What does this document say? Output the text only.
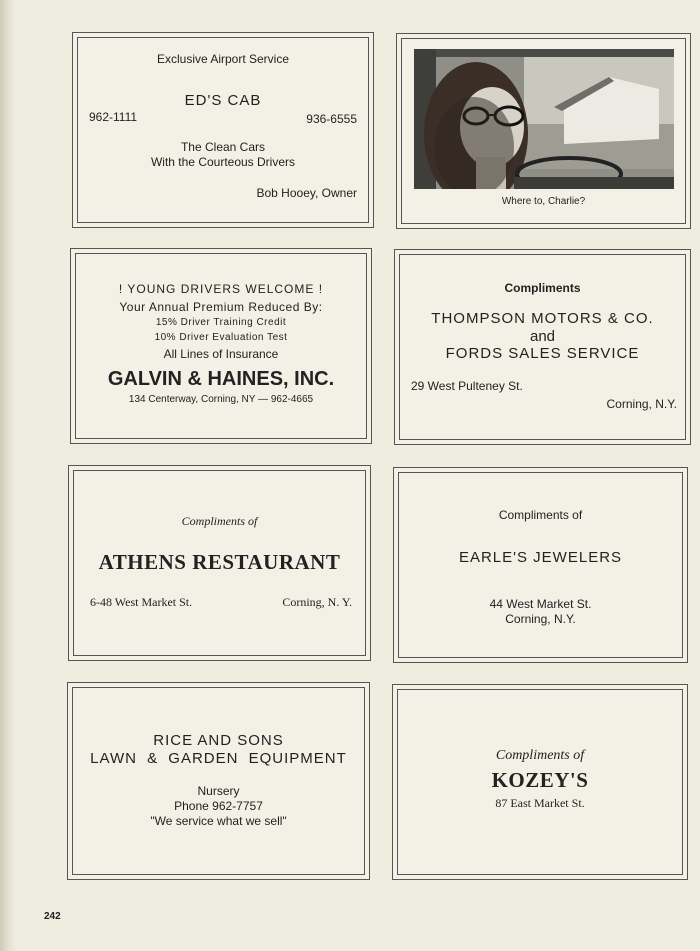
Exclusive Airport Service

ED'S CAB

962-1111	936-6555

The Clean Cars

With the Courteous Drivers

Bob Hooey, Owner

Where to, Charlie?

! YOUNG DRIVERS WELCOME !

Your Annual Premium Reduced By:

15% Driver Training Credit

10% Driver Evaluation Test

All Lines of Insurance

GALVIN & HAINES, INC.

134 Centerway, Corning, NY — 962-4665

Compliments

THOMPSON MOTORS & CO.

and

FORDS SALES SERVICE

29 West Pulteney St.

Corning, N.Y.

Compliments of

ATHENS RESTAURANT

6-48 West Market St.	Corning, N. Y.

Compliments of

EARLE'S JEWELERS

44 West Market St.

Corning, N.Y.

RICE AND SONS

LAWN & GARDEN EQUIPMENT

Nursery

Phone 962-7757

"We service what we sell"

Compliments of

KOZEY'S

87 East Market St.

242
